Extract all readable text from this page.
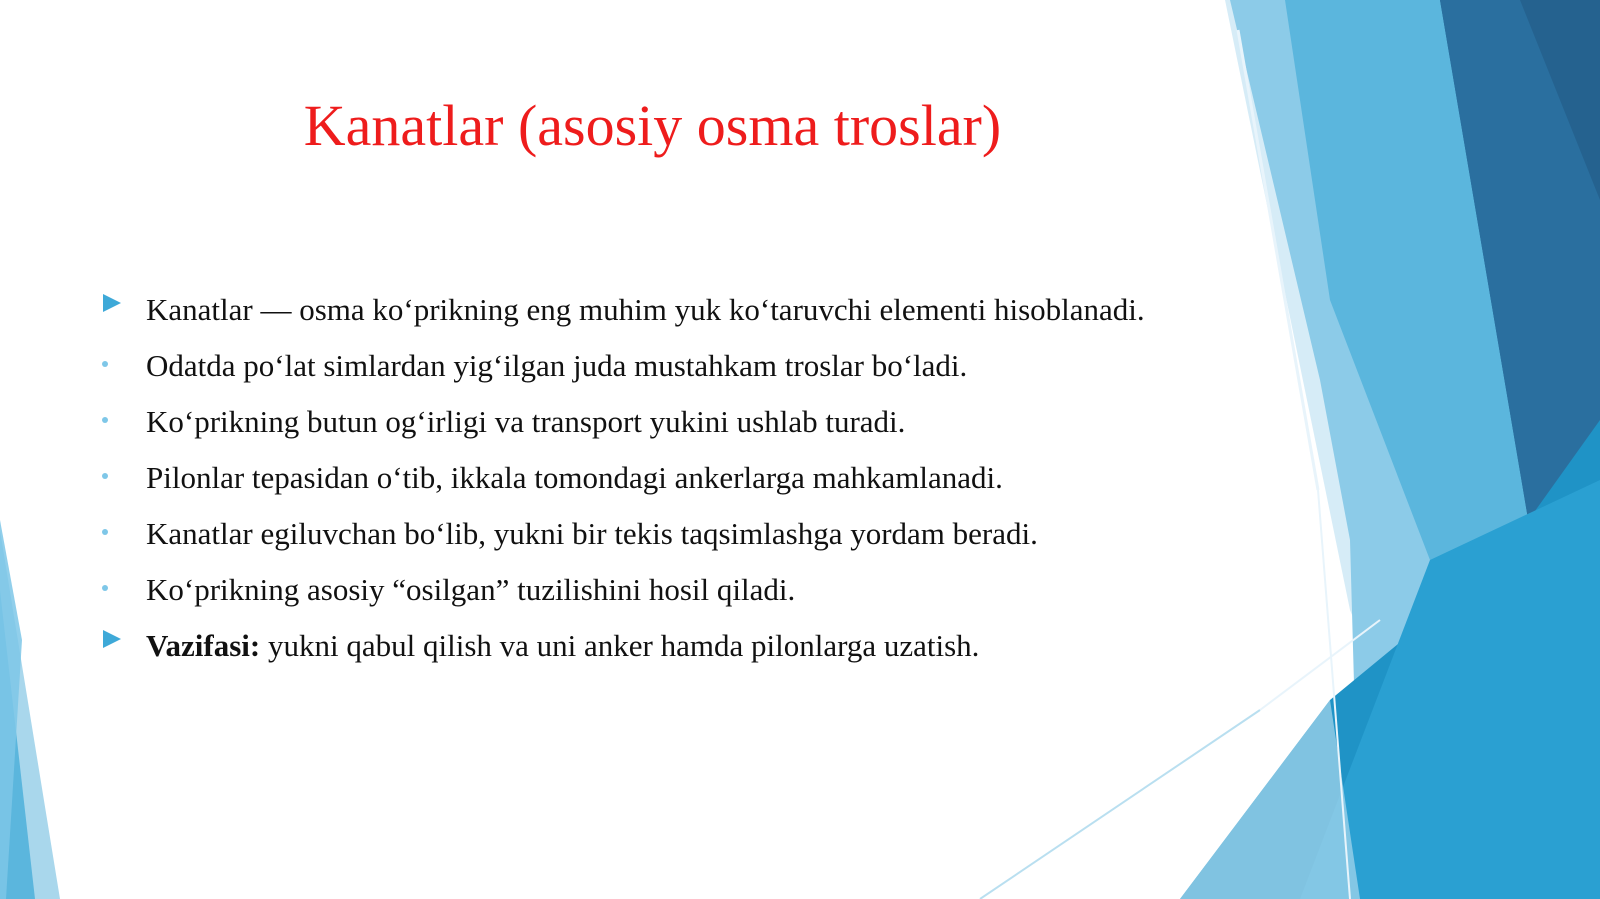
Kanatlar (asosiy osma troslar)
Kanatlar — osma ko‘prikning eng muhim yuk ko‘taruvchi elementi hisoblanadi.
Odatda po‘lat simlardan yig‘ilgan juda mustahkam troslar bo‘ladi.
Ko‘prikning butun og‘irligi va transport yukini ushlab turadi.
Pilonlar tepasidan o‘tib, ikkala tomondagi ankerlarga mahkamlanadi.
Kanatlar egiluvchan bo‘lib, yukni bir tekis taqsimlashga yordam beradi.
Ko‘prikning asosiy “osilgan” tuzilishini hosil qiladi.
Vazifasi: yukni qabul qilish va uni anker hamda pilonlarga uzatish.
